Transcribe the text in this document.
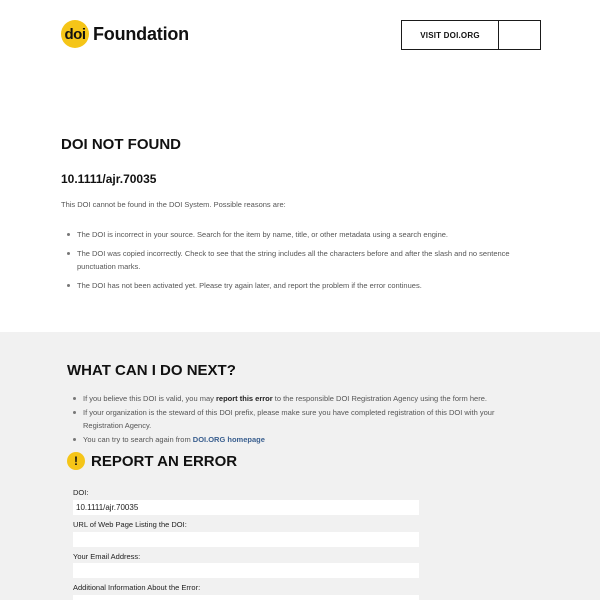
doi Foundation	VISIT DOI.ORG
DOI NOT FOUND
10.1111/ajr.70035

This DOI cannot be found in the DOI System. Possible reasons are:

The DOI is incorrect in your source. Search for the item by name, title, or other metadata using a search engine.
The DOI was copied incorrectly. Check to see that the string includes all the characters before and after the slash and no sentence punctuation marks.
The DOI has not been activated yet. Please try again later, and report the problem if the error continues.
WHAT CAN I DO NEXT?
If you believe this DOI is valid, you may report this error to the responsible DOI Registration Agency using the form here.
If your organization is the steward of this DOI prefix, please make sure you have completed registration of this DOI with your Registration Agency.
You can try to search again from DOI.ORG homepage
! REPORT AN ERROR
DOI:
10.1111/ajr.70035
URL of Web Page Listing the DOI:
Your Email Address:
Additional Information About the Error:
